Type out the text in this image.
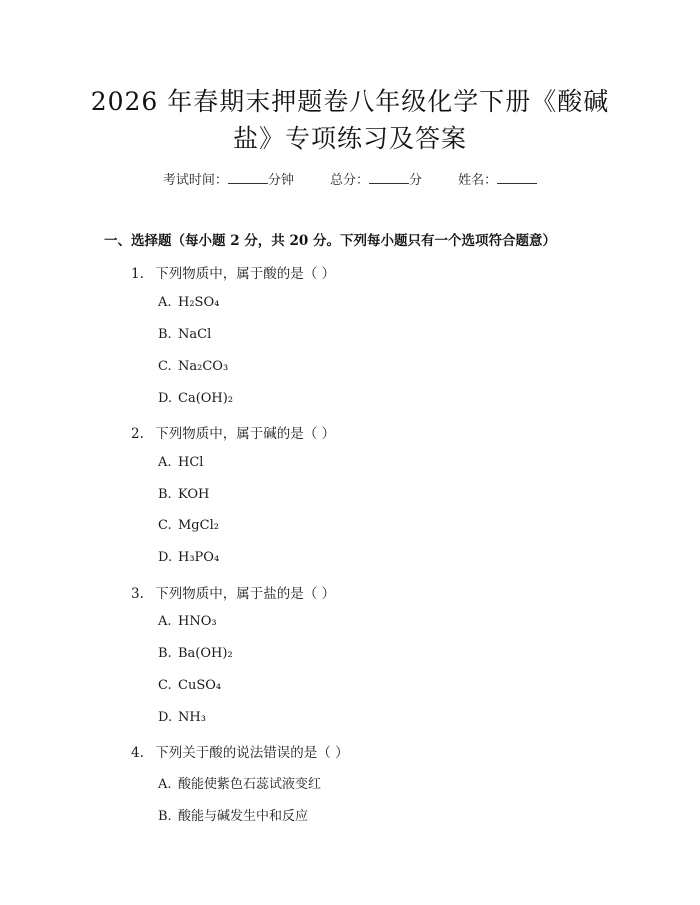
2026 年春期末押题卷八年级化学下册《酸碱
盐》专项练习及答案
考试时间：	分钟	总分：	分	姓名：
一、选择题（每小题 2 分，共 20 分。下列每小题只有一个选项符合题意）
1. 下列物质中，属于酸的是（ ）
A. H₂SO₄
B. NaCl
C. Na₂CO₃
D. Ca(OH)₂
2. 下列物质中，属于碱的是（ ）
A. HCl
B. KOH
C. MgCl₂
D. H₃PO₄
3. 下列物质中，属于盐的是（ ）
A. HNO₃
B. Ba(OH)₂
C. CuSO₄
D. NH₃
4. 下列关于酸的说法错误的是（ ）
A. 酸能使紫色石蕊试液变红
B. 酸能与碱发生中和反应
